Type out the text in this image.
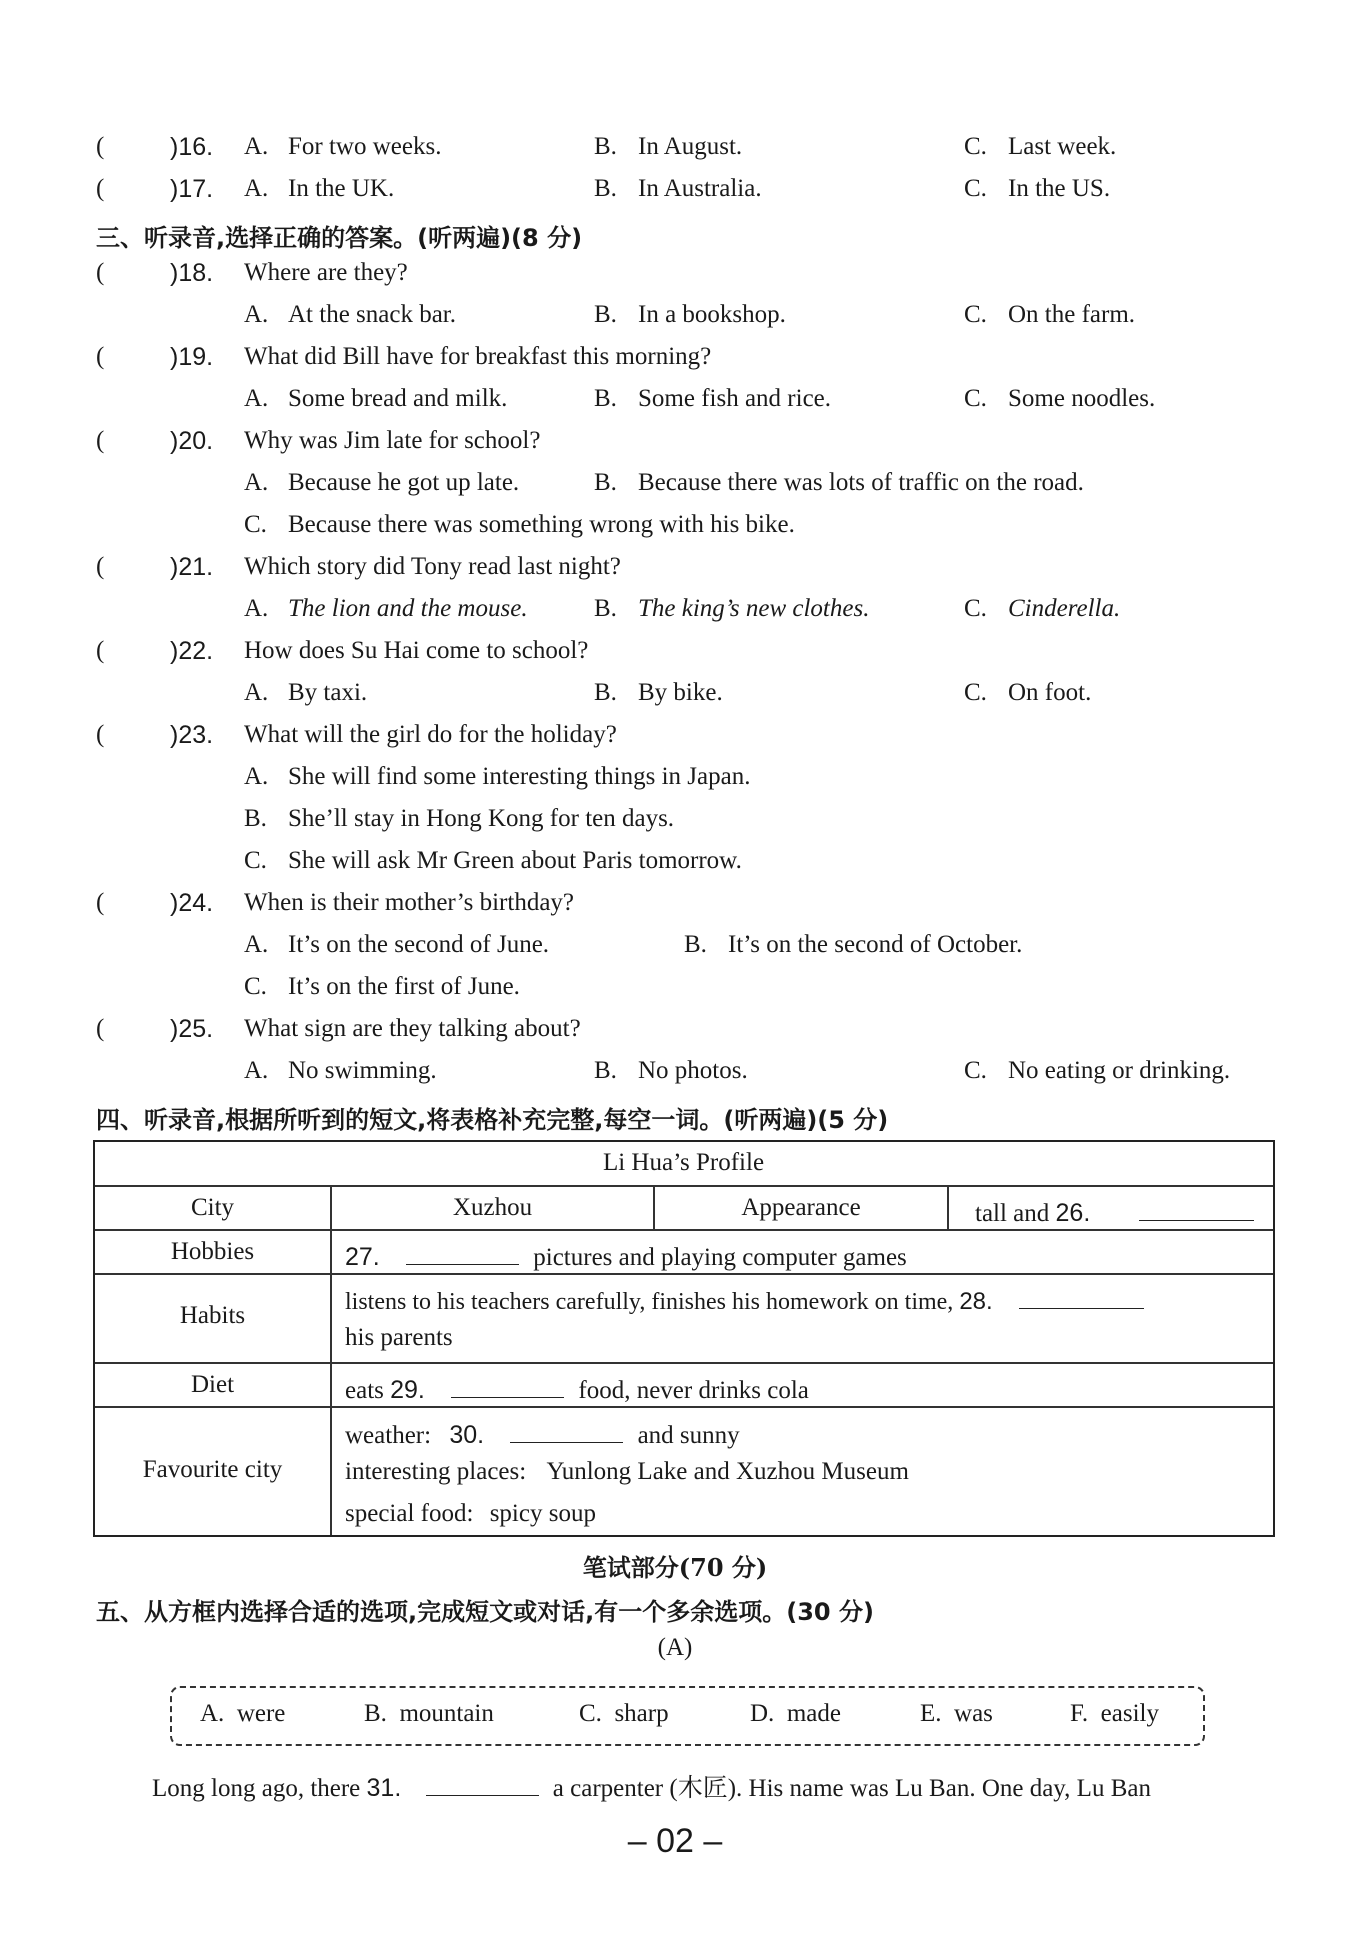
(	)16. A. For two weeks.	B. In August.	C. Last week.
(	)17. A. In the UK.	B. In Australia.	C. In the US.
三、听录音,选择正确的答案。(听两遍)(8 分)
(	)18. Where are they?
A. At the snack bar.	B. In a bookshop.	C. On the farm.
(	)19. What did Bill have for breakfast this morning?
A. Some bread and milk.	B. Some fish and rice.	C. Some noodles.
(	)20. Why was Jim late for school?
A. Because he got up late.	B. Because there was lots of traffic on the road.
C. Because there was something wrong with his bike.
(	)21. Which story did Tony read last night?
A. The lion and the mouse.	B. The king’s new clothes.	C. Cinderella.
(	)22. How does Su Hai come to school?
A. By taxi.	B. By bike.	C. On foot.
(	)23. What will the girl do for the holiday?
A. She will find some interesting things in Japan.
B. She’ll stay in Hong Kong for ten days.
C. She will ask Mr Green about Paris tomorrow.
(	)24. When is their mother’s birthday?
A. It’s on the second of June.	B. It’s on the second of October.
C. It’s on the first of June.
(	)25. What sign are they talking about?
A. No swimming.	B. No photos.	C. No eating or drinking.
四、听录音,根据所听到的短文,将表格补充完整,每空一词。(听两遍)(5 分)
Li Hua’s Profile
City	Xuzhou	Appearance	tall and 26.
Hobbies	27.	pictures and playing computer games
Habits	listens to his teachers carefully, finishes his homework on time, 28.
his parents
Diet	eats 29.	food, never drinks cola
Favourite city
weather: 30.	and sunny
interesting places: Yunlong Lake and Xuzhou Museum
special food: spicy soup
笔试部分(70 分)
五、从方框内选择合适的选项,完成短文或对话,有一个多余选项。(30 分)
(A)
A. were	B. mountain	C. sharp	D. made	E. was	F. easily
Long long ago, there 31.	a carpenter (木匠). His name was Lu Ban. One day, Lu Ban
– 02 –
